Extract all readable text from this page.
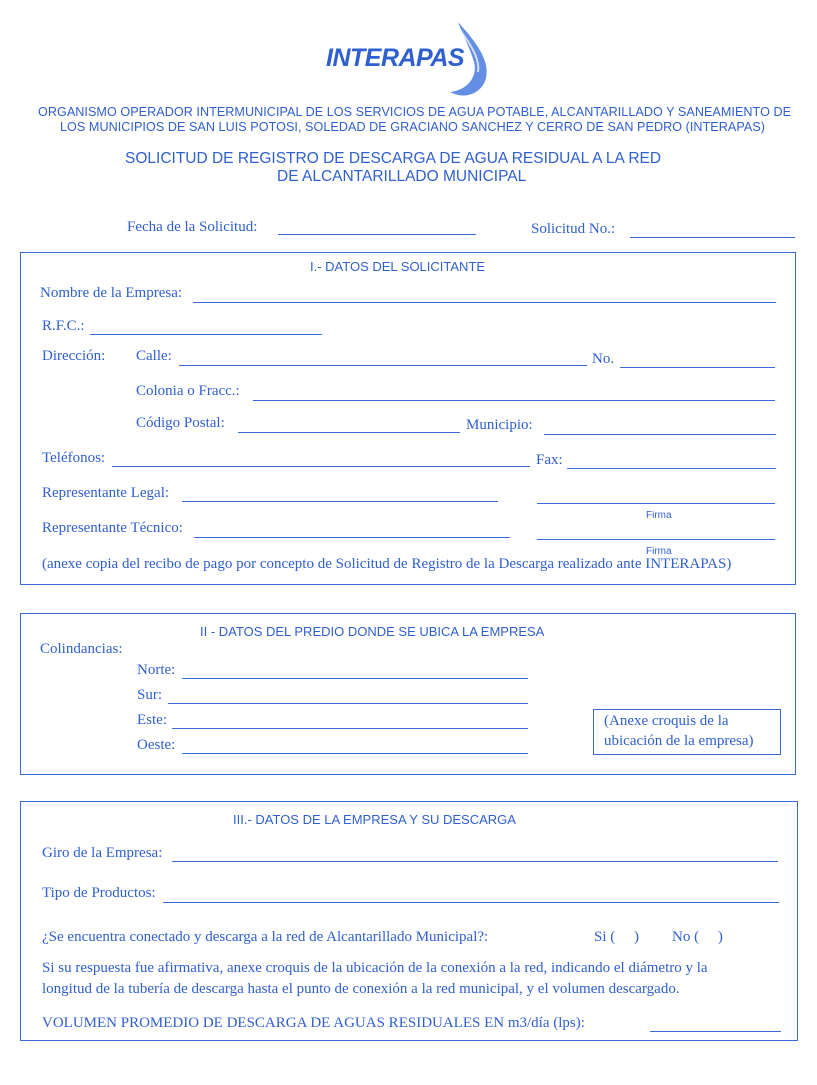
INTERAPAS
ORGANISMO OPERADOR INTERMUNICIPAL DE LOS SERVICIOS DE AGUA POTABLE, ALCANTARILLADO Y SANEAMIENTO DE
LOS MUNICIPIOS DE SAN LUIS POTOSI, SOLEDAD DE GRACIANO SANCHEZ Y CERRO DE SAN PEDRO (INTERAPAS)
SOLICITUD DE REGISTRO DE DESCARGA DE AGUA RESIDUAL A LA RED
DE ALCANTARILLADO MUNICIPAL
Fecha de la Solicitud:	Solicitud No.:
I.- DATOS DEL SOLICITANTE
Nombre de la Empresa:
R.F.C.:
Dirección: Calle:	No.
Colonia o Fracc.:
Código Postal:	Municipio:
Teléfonos:	Fax:
Representante Legal:
Firma
Representante Técnico:
Firma
(anexe copia del recibo de pago por concepto de Solicitud de Registro de la Descarga realizado ante INTERAPAS)
II - DATOS DEL PREDIO DONDE SE UBICA LA EMPRESA
Colindancias:
Norte:
Sur:
Este:
Oeste:
(Anexe croquis de la
ubicación de la empresa)
III.- DATOS DE LA EMPRESA Y SU DESCARGA
Giro de la Empresa:
Tipo de Productos:
¿Se encuentra conectado y descarga a la red de Alcantarillado Municipal?:	Si (     ) No (     )
Si su respuesta fue afirmativa, anexe croquis de la ubicación de la conexión a la red, indicando el diámetro y la
longitud de la tubería de descarga hasta el punto de conexión a la red municipal, y el volumen descargado.
VOLUMEN PROMEDIO DE DESCARGA DE AGUAS RESIDUALES EN m3/día (lps):
